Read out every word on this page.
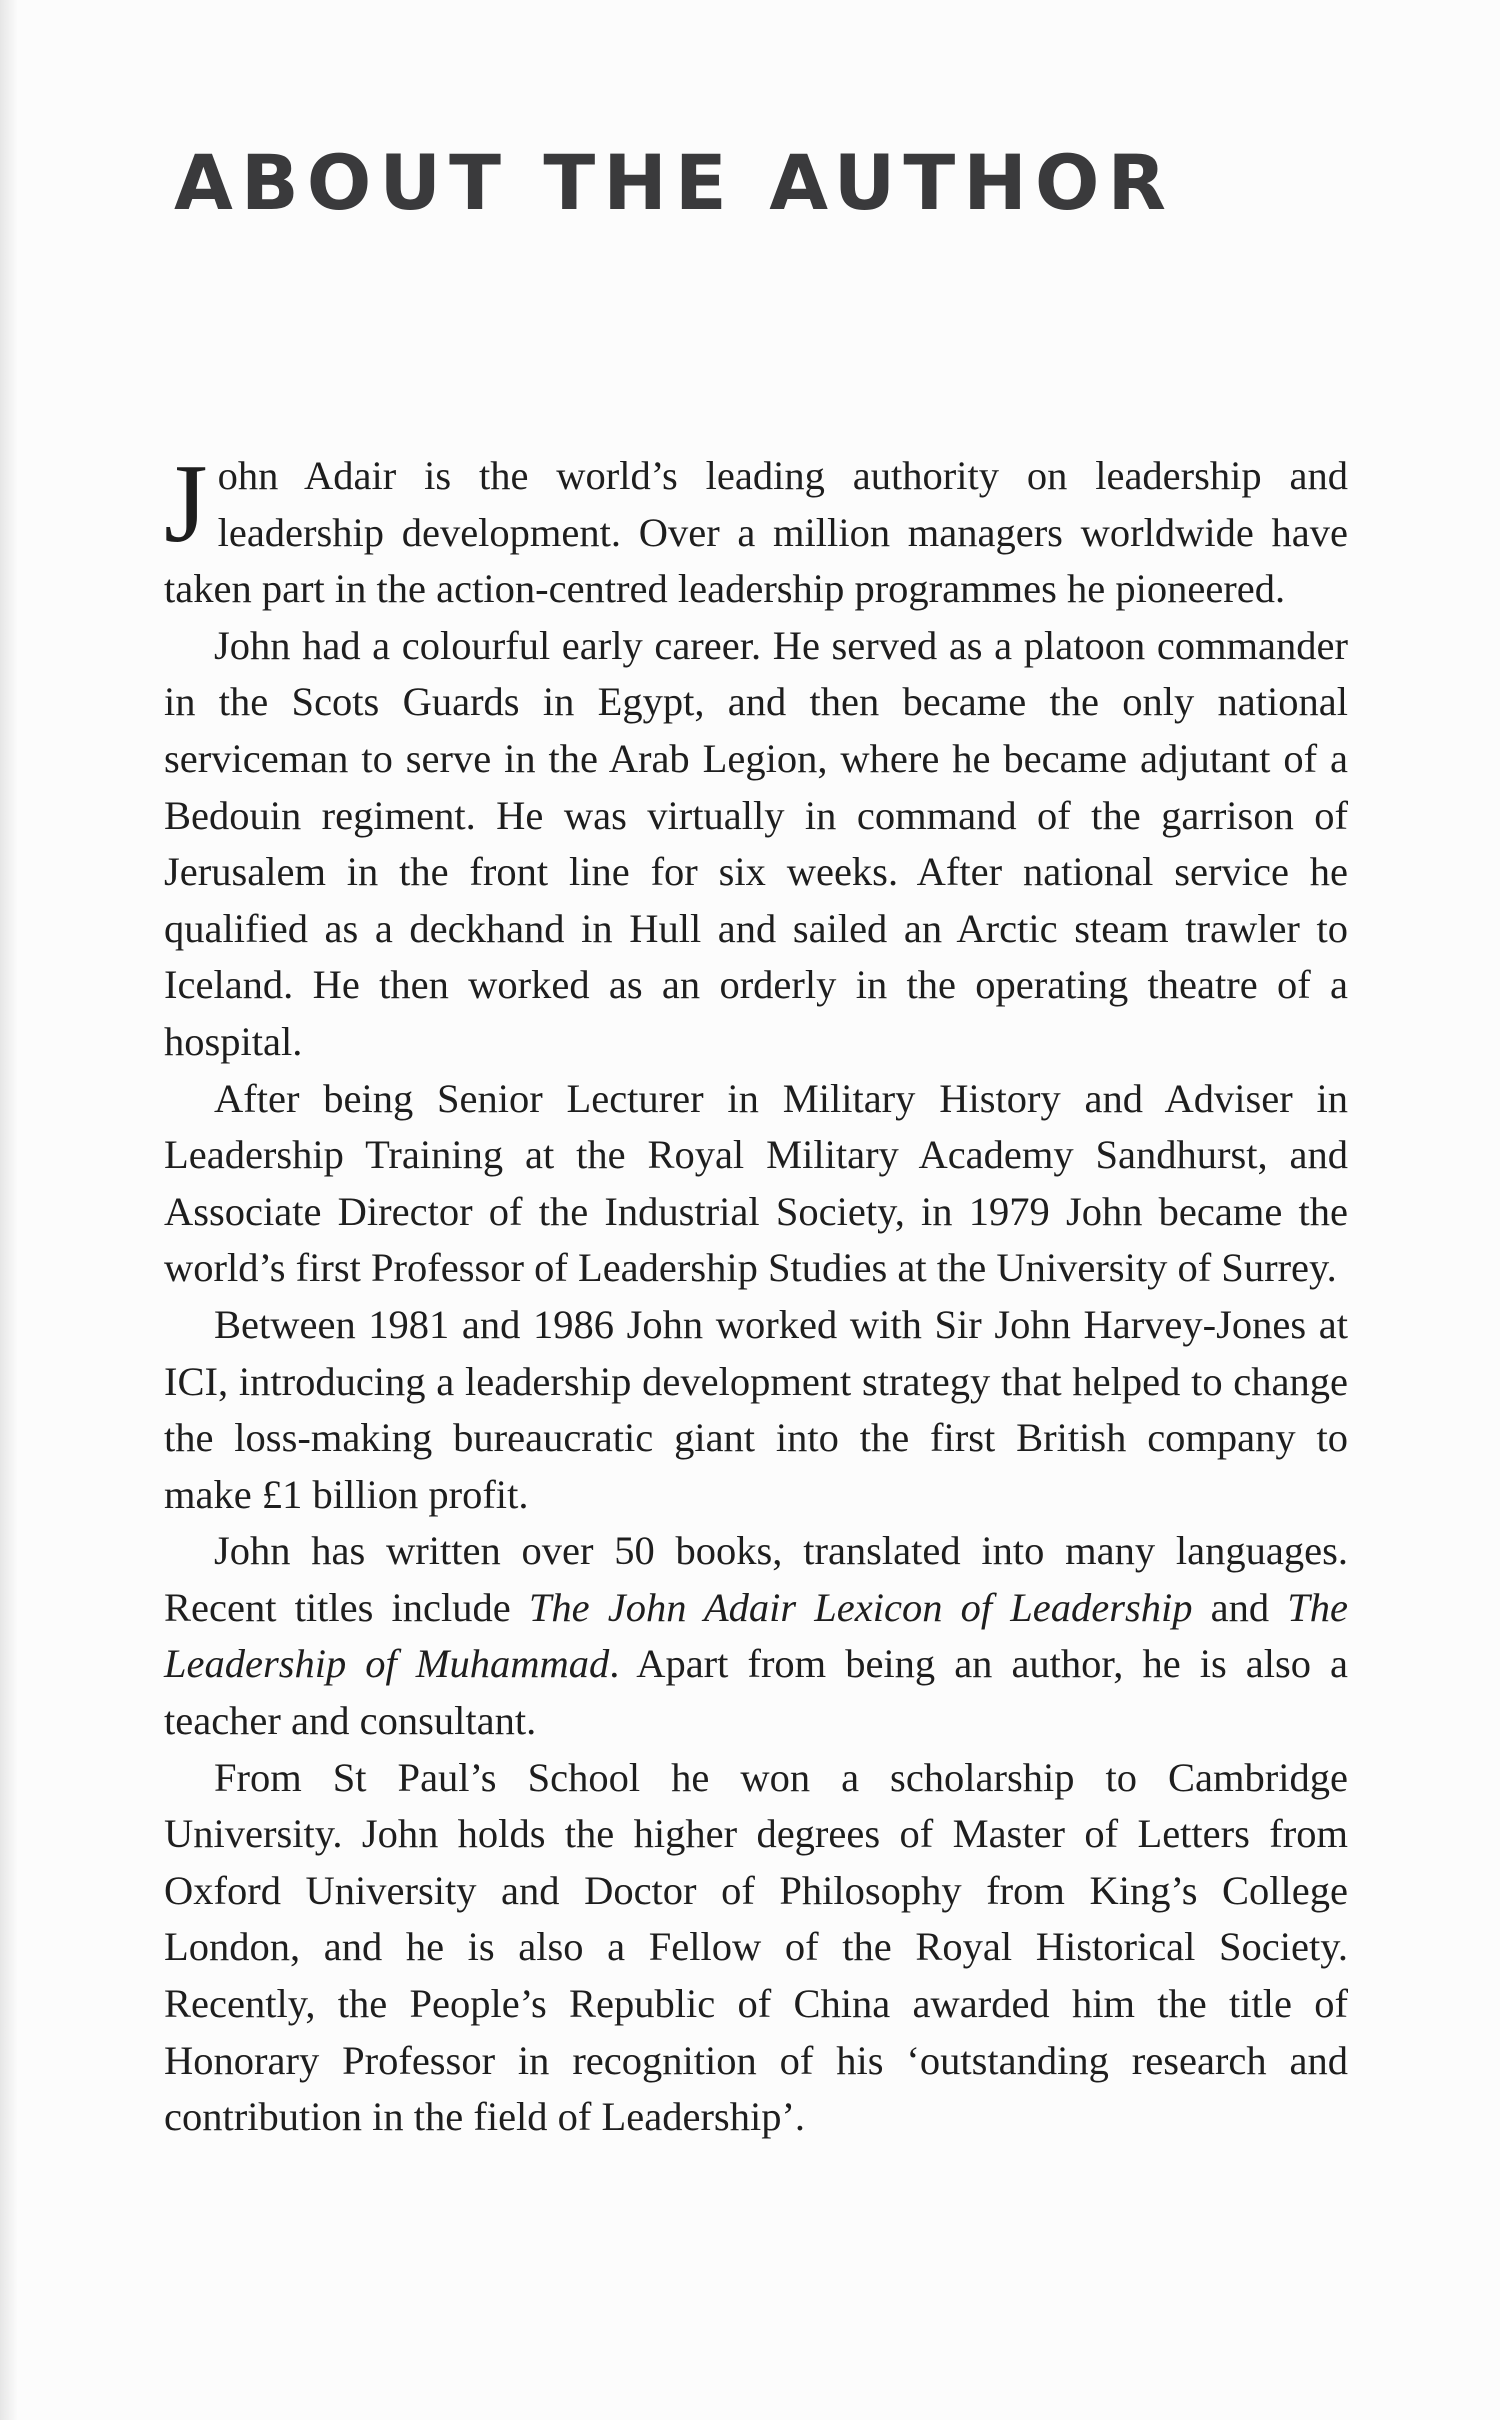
ABOUT THE AUTHOR

John Adair is the world’s leading authority on leadership and leadership development. Over a million managers worldwide have taken part in the action-centred leadership programmes he pioneered.

John had a colourful early career. He served as a platoon commander in the Scots Guards in Egypt, and then became the only national serviceman to serve in the Arab Legion, where he became adjutant of a Bedouin regiment. He was virtually in command of the garrison of Jerusalem in the front line for six weeks. After national service he qualified as a deckhand in Hull and sailed an Arctic steam trawler to Iceland. He then worked as an orderly in the operating theatre of a hospital.

After being Senior Lecturer in Military History and Adviser in Leadership Training at the Royal Military Academy Sandhurst, and Associate Director of the Industrial Society, in 1979 John became the world’s first Professor of Leadership Studies at the University of Surrey.

Between 1981 and 1986 John worked with Sir John Harvey-Jones at ICI, introducing a leadership development strategy that helped to change the loss-making bureaucratic giant into the first British company to make £1 billion profit.

John has written over 50 books, translated into many languages. Recent titles include The John Adair Lexicon of Leadership and The Leadership of Muhammad. Apart from being an author, he is also a teacher and consultant.

From St Paul’s School he won a scholarship to Cambridge University. John holds the higher degrees of Master of Letters from Oxford University and Doctor of Philosophy from King’s College London, and he is also a Fellow of the Royal Historical Society. Recently, the People’s Republic of China awarded him the title of Honorary Professor in recognition of his ‘outstanding research and contribution in the field of Leadership’.
